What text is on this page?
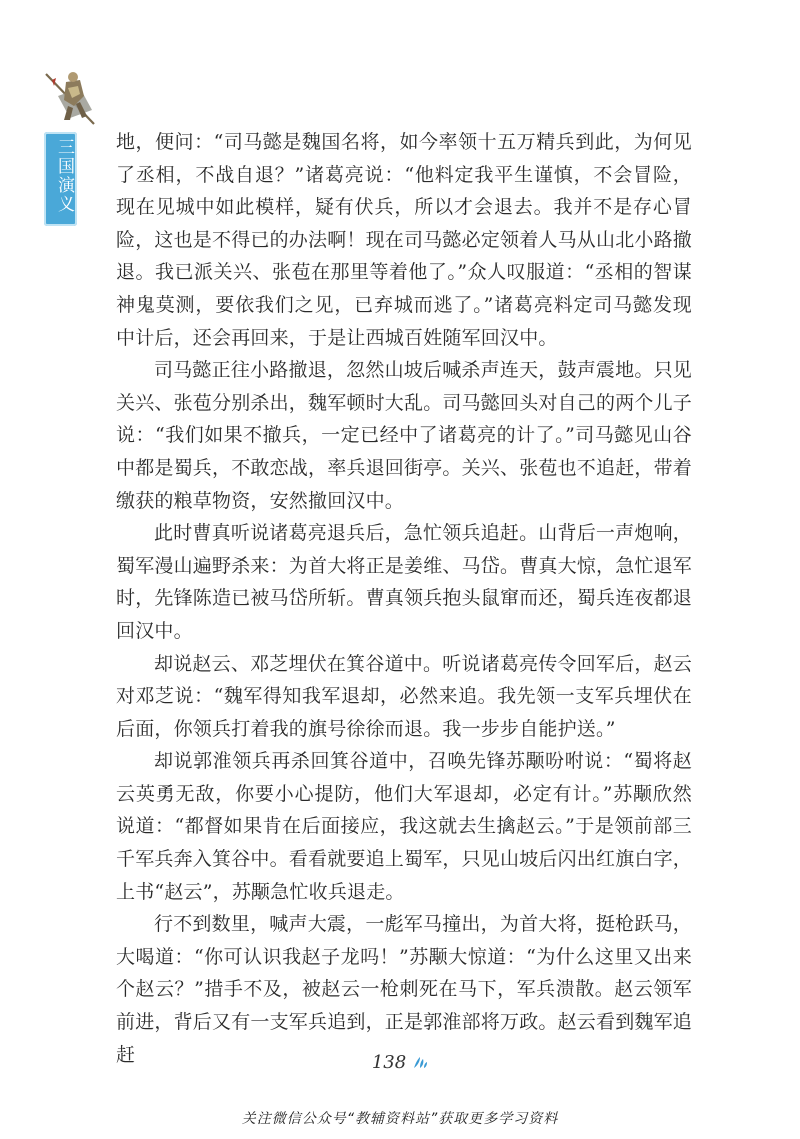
三国演义 地，便问：“司马懿是魏国名将，如今率领十五万精兵到此，为何见了丞相，不战自退？”诸葛亮说：“他料定我平生谨慎，不会冒险，现在见城中如此模样，疑有伏兵，所以才会退去。我并不是存心冒险，这也是不得已的办法啊！现在司马懿必定领着人马从山北小路撤退。我已派关兴、张苞在那里等着他了。”众人叹服道：“丞相的智谋神鬼莫测，要依我们之见，已弃城而逃了。”诸葛亮料定司马懿发现中计后，还会再回来，于是让西城百姓随军回汉中。

司马懿正往小路撤退，忽然山坡后喊杀声连天，鼓声震地。只见关兴、张苞分别杀出，魏军顿时大乱。司马懿回头对自己的两个儿子说：“我们如果不撤兵，一定已经中了诸葛亮的计了。”司马懿见山谷中都是蜀兵，不敢恋战，率兵退回街亭。关兴、张苞也不追赶，带着缴获的粮草物资，安然撤回汉中。

此时曹真听说诸葛亮退兵后，急忙领兵追赶。山背后一声炮响，蜀军漫山遍野杀来：为首大将正是姜维、马岱。曹真大惊，急忙退军时，先锋陈造已被马岱所斩。曹真领兵抱头鼠窜而还，蜀兵连夜都退回汉中。

却说赵云、邓芝埋伏在箕谷道中。听说诸葛亮传令回军后，赵云对邓芝说：“魏军得知我军退却，必然来追。我先领一支军兵埋伏在后面，你领兵打着我的旗号徐徐而退。我一步步自能护送。”

却说郭淮领兵再杀回箕谷道中，召唤先锋苏颙吩咐说：“蜀将赵云英勇无敌，你要小心提防，他们大军退却，必定有计。”苏颙欣然说道：“都督如果肯在后面接应，我这就去生擒赵云。”于是领前部三千军兵奔入箕谷中。看看就要追上蜀军，只见山坡后闪出红旗白字，上书“赵云”，苏颙急忙收兵退走。

行不到数里，喊声大震，一彪军马撞出，为首大将，挺枪跃马，大喝道：“你可认识我赵子龙吗！”苏颙大惊道：“为什么这里又出来个赵云？”措手不及，被赵云一枪刺死在马下，军兵溃散。赵云领军前进，背后又有一支军兵追到，正是郭淮部将万政。赵云看到魏军追赶	138
关注微信公众号“教辅资料站”获取更多学习资料
